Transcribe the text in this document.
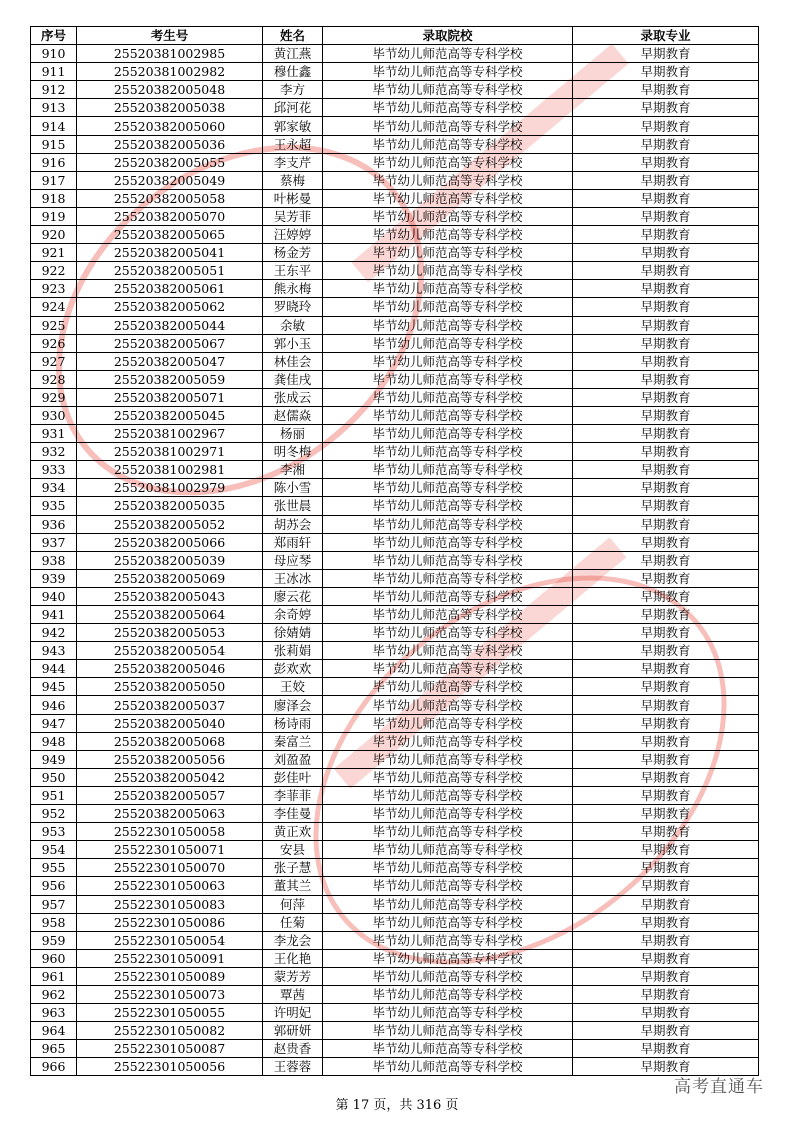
序号	考生号	姓名	录取院校	录取专业
910	25520381002985	黄江燕	毕节幼儿师范高等专科学校	早期教育
911	25520381002982	穆仕鑫	毕节幼儿师范高等专科学校	早期教育
912	25520382005048	李方	毕节幼儿师范高等专科学校	早期教育
913	25520382005038	邱河花	毕节幼儿师范高等专科学校	早期教育
914	25520382005060	郭家敏	毕节幼儿师范高等专科学校	早期教育
915	25520382005036	王永超	毕节幼儿师范高等专科学校	早期教育
916	25520382005055	李支芹	毕节幼儿师范高等专科学校	早期教育
917	25520382005049	蔡梅	毕节幼儿师范高等专科学校	早期教育
918	25520382005058	叶彬曼	毕节幼儿师范高等专科学校	早期教育
919	25520382005070	吴芳菲	毕节幼儿师范高等专科学校	早期教育
920	25520382005065	汪婷婷	毕节幼儿师范高等专科学校	早期教育
921	25520382005041	杨金芳	毕节幼儿师范高等专科学校	早期教育
922	25520382005051	王东平	毕节幼儿师范高等专科学校	早期教育
923	25520382005061	熊永梅	毕节幼儿师范高等专科学校	早期教育
924	25520382005062	罗晓玲	毕节幼儿师范高等专科学校	早期教育
925	25520382005044	余敏	毕节幼儿师范高等专科学校	早期教育
926	25520382005067	郭小玉	毕节幼儿师范高等专科学校	早期教育
927	25520382005047	林佳会	毕节幼儿师范高等专科学校	早期教育
928	25520382005059	龚佳戌	毕节幼儿师范高等专科学校	早期教育
929	25520382005071	张成云	毕节幼儿师范高等专科学校	早期教育
930	25520382005045	赵儒焱	毕节幼儿师范高等专科学校	早期教育
931	25520381002967	杨丽	毕节幼儿师范高等专科学校	早期教育
932	25520381002971	明冬梅	毕节幼儿师范高等专科学校	早期教育
933	25520381002981	李湘	毕节幼儿师范高等专科学校	早期教育
934	25520381002979	陈小雪	毕节幼儿师范高等专科学校	早期教育
935	25520382005035	张世晨	毕节幼儿师范高等专科学校	早期教育
936	25520382005052	胡苏会	毕节幼儿师范高等专科学校	早期教育
937	25520382005066	郑雨轩	毕节幼儿师范高等专科学校	早期教育
938	25520382005039	母应琴	毕节幼儿师范高等专科学校	早期教育
939	25520382005069	王冰冰	毕节幼儿师范高等专科学校	早期教育
940	25520382005043	廖云花	毕节幼儿师范高等专科学校	早期教育
941	25520382005064	余奇婷	毕节幼儿师范高等专科学校	早期教育
942	25520382005053	徐婧婧	毕节幼儿师范高等专科学校	早期教育
943	25520382005054	张莉娟	毕节幼儿师范高等专科学校	早期教育
944	25520382005046	彭欢欢	毕节幼儿师范高等专科学校	早期教育
945	25520382005050	王姣	毕节幼儿师范高等专科学校	早期教育
946	25520382005037	廖泽会	毕节幼儿师范高等专科学校	早期教育
947	25520382005040	杨诗雨	毕节幼儿师范高等专科学校	早期教育
948	25520382005068	秦富兰	毕节幼儿师范高等专科学校	早期教育
949	25520382005056	刘盈盈	毕节幼儿师范高等专科学校	早期教育
950	25520382005042	彭佳叶	毕节幼儿师范高等专科学校	早期教育
951	25520382005057	李菲菲	毕节幼儿师范高等专科学校	早期教育
952	25520382005063	李佳曼	毕节幼儿师范高等专科学校	早期教育
953	25522301050058	黄正欢	毕节幼儿师范高等专科学校	早期教育
954	25522301050071	安县	毕节幼儿师范高等专科学校	早期教育
955	25522301050070	张子慧	毕节幼儿师范高等专科学校	早期教育
956	25522301050063	董其兰	毕节幼儿师范高等专科学校	早期教育
957	25522301050083	何萍	毕节幼儿师范高等专科学校	早期教育
958	25522301050086	任菊	毕节幼儿师范高等专科学校	早期教育
959	25522301050054	李龙会	毕节幼儿师范高等专科学校	早期教育
960	25522301050091	王化艳	毕节幼儿师范高等专科学校	早期教育
961	25522301050089	蒙芳芳	毕节幼儿师范高等专科学校	早期教育
962	25522301050073	覃茜	毕节幼儿师范高等专科学校	早期教育
963	25522301050055	许明妃	毕节幼儿师范高等专科学校	早期教育
964	25522301050082	郭研妍	毕节幼儿师范高等专科学校	早期教育
965	25522301050087	赵贵香	毕节幼儿师范高等专科学校	早期教育
966	25522301050056	王蓉蓉	毕节幼儿师范高等专科学校	早期教育
高考直通车
第 17 页，共 316 页
